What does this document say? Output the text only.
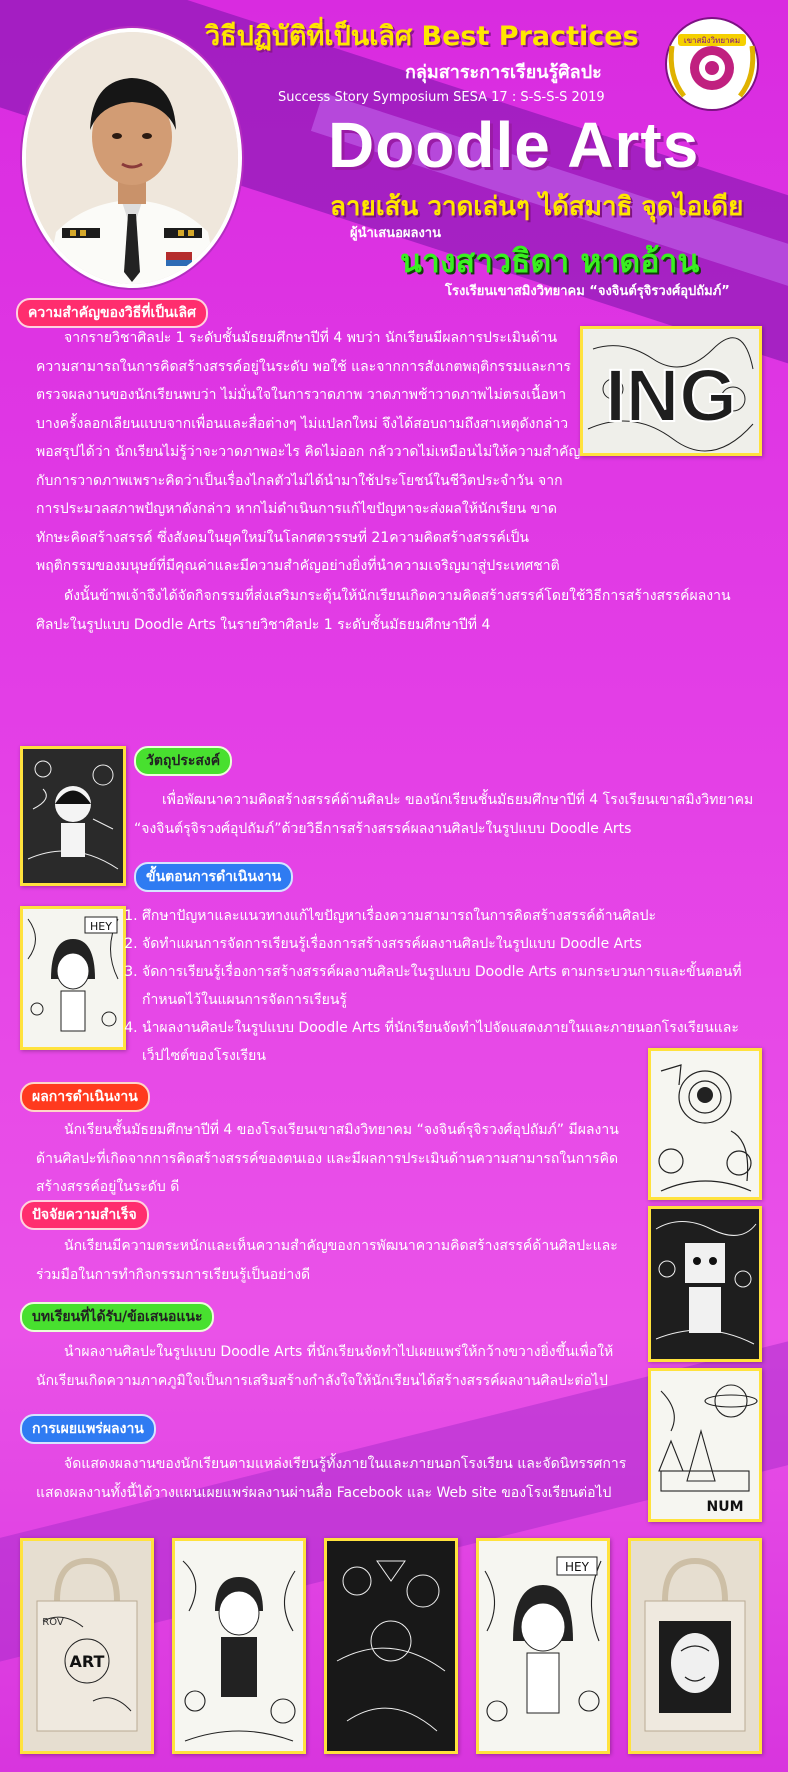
วิธีปฏิบัติที่เป็นเลิศ Best Practices
กลุ่มสาระการเรียนรู้ศิลปะ
Success Story Symposium SESA 17 : S-S-S-S 2019
Doodle Arts
ลายเส้น วาดเล่นๆ ได้สมาธิ จุดไอเดีย
ผู้นำเสนอผลงาน
นางสาวธิดา หาดอ้าน
โรงเรียนเขาสมิงวิทยาคม “จงจินต์รุจิรวงศ์อุปถัมภ์”
เขาสมิงวิทยาคม
ความสำคัญของวิธีที่เป็นเลิศ

จากรายวิชาศิลปะ 1 ระดับชั้นมัธยมศึกษาปีที่ 4 พบว่า นักเรียนมีผลการประเมินด้านความสามารถในการคิดสร้างสรรค์อยู่ในระดับ พอใช้ และจากการสังเกตพฤติกรรมและการตรวจผลงานของนักเรียนพบว่า ไม่มั่นใจในการวาดภาพ วาดภาพช้าวาดภาพไม่ตรงเนื้อหา บางครั้งลอกเลียนแบบจากเพื่อนและสื่อต่างๆ ไม่แปลกใหม่ จึงได้สอบถามถึงสาเหตุดังกล่าวพอสรุปได้ว่า นักเรียนไม่รู้ว่าจะวาดภาพอะไร คิดไม่ออก กลัววาดไม่เหมือนไม่ให้ความสำคัญกับการวาดภาพเพราะคิดว่าเป็นเรื่องไกลตัวไม่ได้นำมาใช้ประโยชน์ในชีวิตประจำวัน จากการประมวลสภาพปัญหาดังกล่าว หากไม่ดำเนินการแก้ไขปัญหาจะส่งผลให้นักเรียน ขาดทักษะคิดสร้างสรรค์ ซึ่งสังคมในยุคใหม่ในโลกศตวรรษที่ 21ความคิดสร้างสรรค์เป็นพฤติกรรมของมนุษย์ที่มีคุณค่าและมีความสำคัญอย่างยิ่งที่นำความเจริญมาสู่ประเทศชาติ

ING

ดังนั้นข้าพเจ้าจึงได้จัดกิจกรรมที่ส่งเสริมกระตุ้นให้นักเรียนเกิดความคิดสร้างสรรค์โดยใช้วิธีการสร้างสรรค์ผลงานศิลปะในรูปแบบ Doodle Arts ในรายวิชาศิลปะ 1 ระดับชั้นมัธยมศึกษาปีที่ 4

วัตถุประสงค์

เพื่อพัฒนาความคิดสร้างสรรค์ด้านศิลปะ ของนักเรียนชั้นมัธยมศึกษาปีที่ 4 โรงเรียนเขาสมิงวิทยาคม “จงจินต์รุจิรวงศ์อุปถัมภ์”ด้วยวิธีการสร้างสรรค์ผลงานศิลปะในรูปแบบ Doodle Arts

ขั้นตอนการดำเนินงาน
HEY
1. ศึกษาปัญหาและแนวทางแก้ไขปัญหาเรื่องความสามารถในการคิดสร้างสรรค์ด้านศิลปะ
2. จัดทำแผนการจัดการเรียนรู้เรื่องการสร้างสรรค์ผลงานศิลปะในรูปแบบ Doodle Arts
3. จัดการเรียนรู้เรื่องการสร้างสรรค์ผลงานศิลปะในรูปแบบ Doodle Arts ตามกระบวนการและขั้นตอนที่กำหนดไว้ในแผนการจัดการเรียนรู้
4. นำผลงานศิลปะในรูปแบบ Doodle Arts ที่นักเรียนจัดทำไปจัดแสดงภายในและภายนอกโรงเรียนและเว็ปไซต์ของโรงเรียน
NUM
ผลการดำเนินงาน

นักเรียนชั้นมัธยมศึกษาปีที่ 4 ของโรงเรียนเขาสมิงวิทยาคม “จงจินต์รุจิรวงศ์อุปถัมภ์” มีผลงานด้านศิลปะที่เกิดจากการคิดสร้างสรรค์ของตนเอง และมีผลการประเมินด้านความสามารถในการคิดสร้างสรรค์อยู่ในระดับ ดี

ปัจจัยความสำเร็จ

นักเรียนมีความตระหนักและเห็นความสำคัญของการพัฒนาความคิดสร้างสรรค์ด้านศิลปะและร่วมมือในการทำกิจกรรมการเรียนรู้เป็นอย่างดี

บทเรียนที่ได้รับ/ข้อเสนอแนะ

นำผลงานศิลปะในรูปแบบ Doodle Arts ที่นักเรียนจัดทำไปเผยแพร่ให้กว้างขวางยิ่งขึ้นเพื่อให้นักเรียนเกิดความภาคภูมิใจเป็นการเสริมสร้างกำลังใจให้นักเรียนได้สร้างสรรค์ผลงานศิลปะต่อไป

การเผยแพร่ผลงาน

จัดแสดงผลงานของนักเรียนตามแหล่งเรียนรู้ทั้งภายในและภายนอกโรงเรียน และจัดนิทรรศการแสดงผลงานทั้งนี้ได้วางแผนเผยแพร่ผลงานผ่านสื่อ Facebook และ Web site ของโรงเรียนต่อไป

ART
ROV
HEY
